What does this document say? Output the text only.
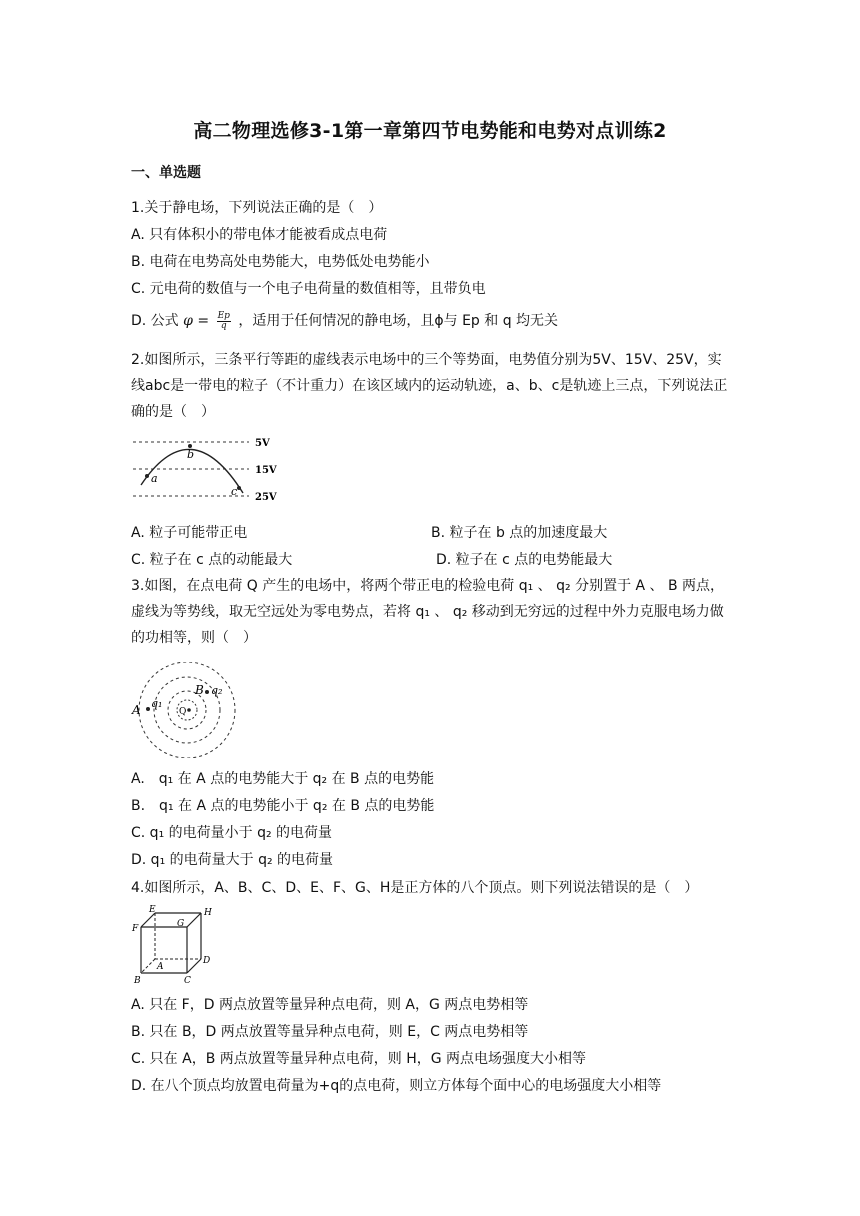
高二物理选修3-1第一章第四节电势能和电势对点训练2
一、单选题
1.关于静电场，下列说法正确的是（　）
A. 只有体积小的带电体才能被看成点电荷
B. 电荷在电势高处电势能大，电势低处电势能小
C. 元电荷的数值与一个电子电荷量的数值相等，且带负电
D. 公式 $\varphi = \frac{Ep}{q}$ ，适用于任何情况的静电场，且ϕ与 Ep 和 q 均无关
2.如图所示，三条平行等距的虚线表示电场中的三个等势面，电势值分别为5V、15V、25V，实线abc是一带电的粒子（不计重力）在该区域内的运动轨迹，a、b、c是轨迹上三点，下列说法正确的是（　）
a
b
c
5V
15V
25V
A. 粒子可能带正电	B. 粒子在 b 点的加速度最大
C. 粒子在 c 点的动能最大	D. 粒子在 c 点的电势能最大
3.如图，在点电荷 Q 产生的电场中，将两个带正电的检验电荷 q₁ 、 q₂ 分别置于 A 、 B 两点，虚线为等势线，取无空远处为零电势点，若将 q₁ 、 q₂ 移动到无穷远的过程中外力克服电场力做的功相等，则（　）
Q
A q₁
B q₂
A.　q₁ 在 A 点的电势能大于 q₂ 在 B 点的电势能
B.　q₁ 在 A 点的电势能小于 q₂ 在 B 点的电势能
C. q₁ 的电荷量小于 q₂ 的电荷量
D. q₁ 的电荷量大于 q₂ 的电荷量
4.如图所示，A、B、C、D、E、F、G、H是正方体的八个顶点。则下列说法错误的是（　）
E	H
F	G
A
D
B	C
A. 只在 F，D 两点放置等量异种点电荷，则 A，G 两点电势相等
B. 只在 B，D 两点放置等量异种点电荷，则 E，C 两点电势相等
C. 只在 A，B 两点放置等量异种点电荷，则 H，G 两点电场强度大小相等
D. 在八个顶点均放置电荷量为+q的点电荷，则立方体每个面中心的电场强度大小相等
